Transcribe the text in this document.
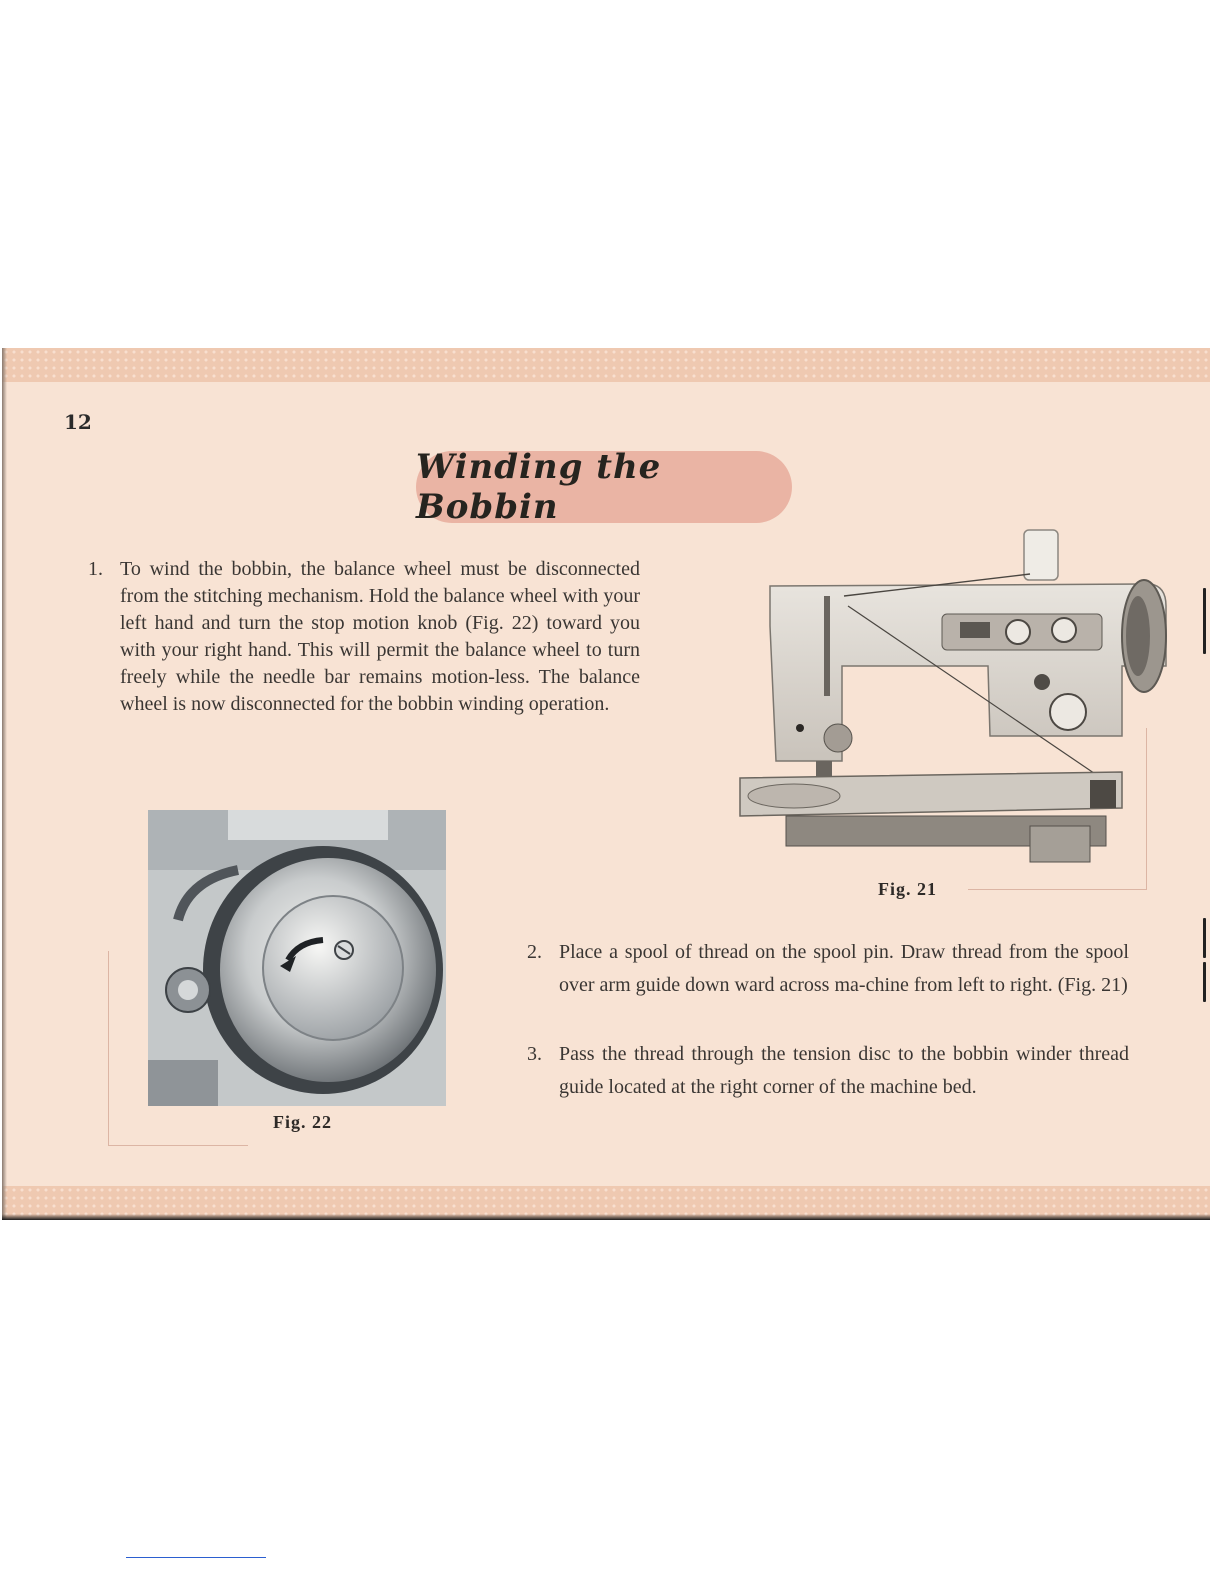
12
Winding the Bobbin
1. To wind the bobbin, the balance wheel must be disconnected from the stitching mechanism. Hold the balance wheel with your left hand and turn the stop motion knob (Fig. 22) toward you with your right hand. This will permit the balance wheel to turn freely while the needle bar remains motion-less. The balance wheel is now disconnected for the bobbin winding operation.
Fig. 21
Fig. 22
2. Place a spool of thread on the spool pin. Draw thread from the spool over arm guide down ward across ma-chine from left to right. (Fig. 21)
3. Pass the thread through the tension disc to the bobbin winder thread guide located at the right corner of the machine bed.
